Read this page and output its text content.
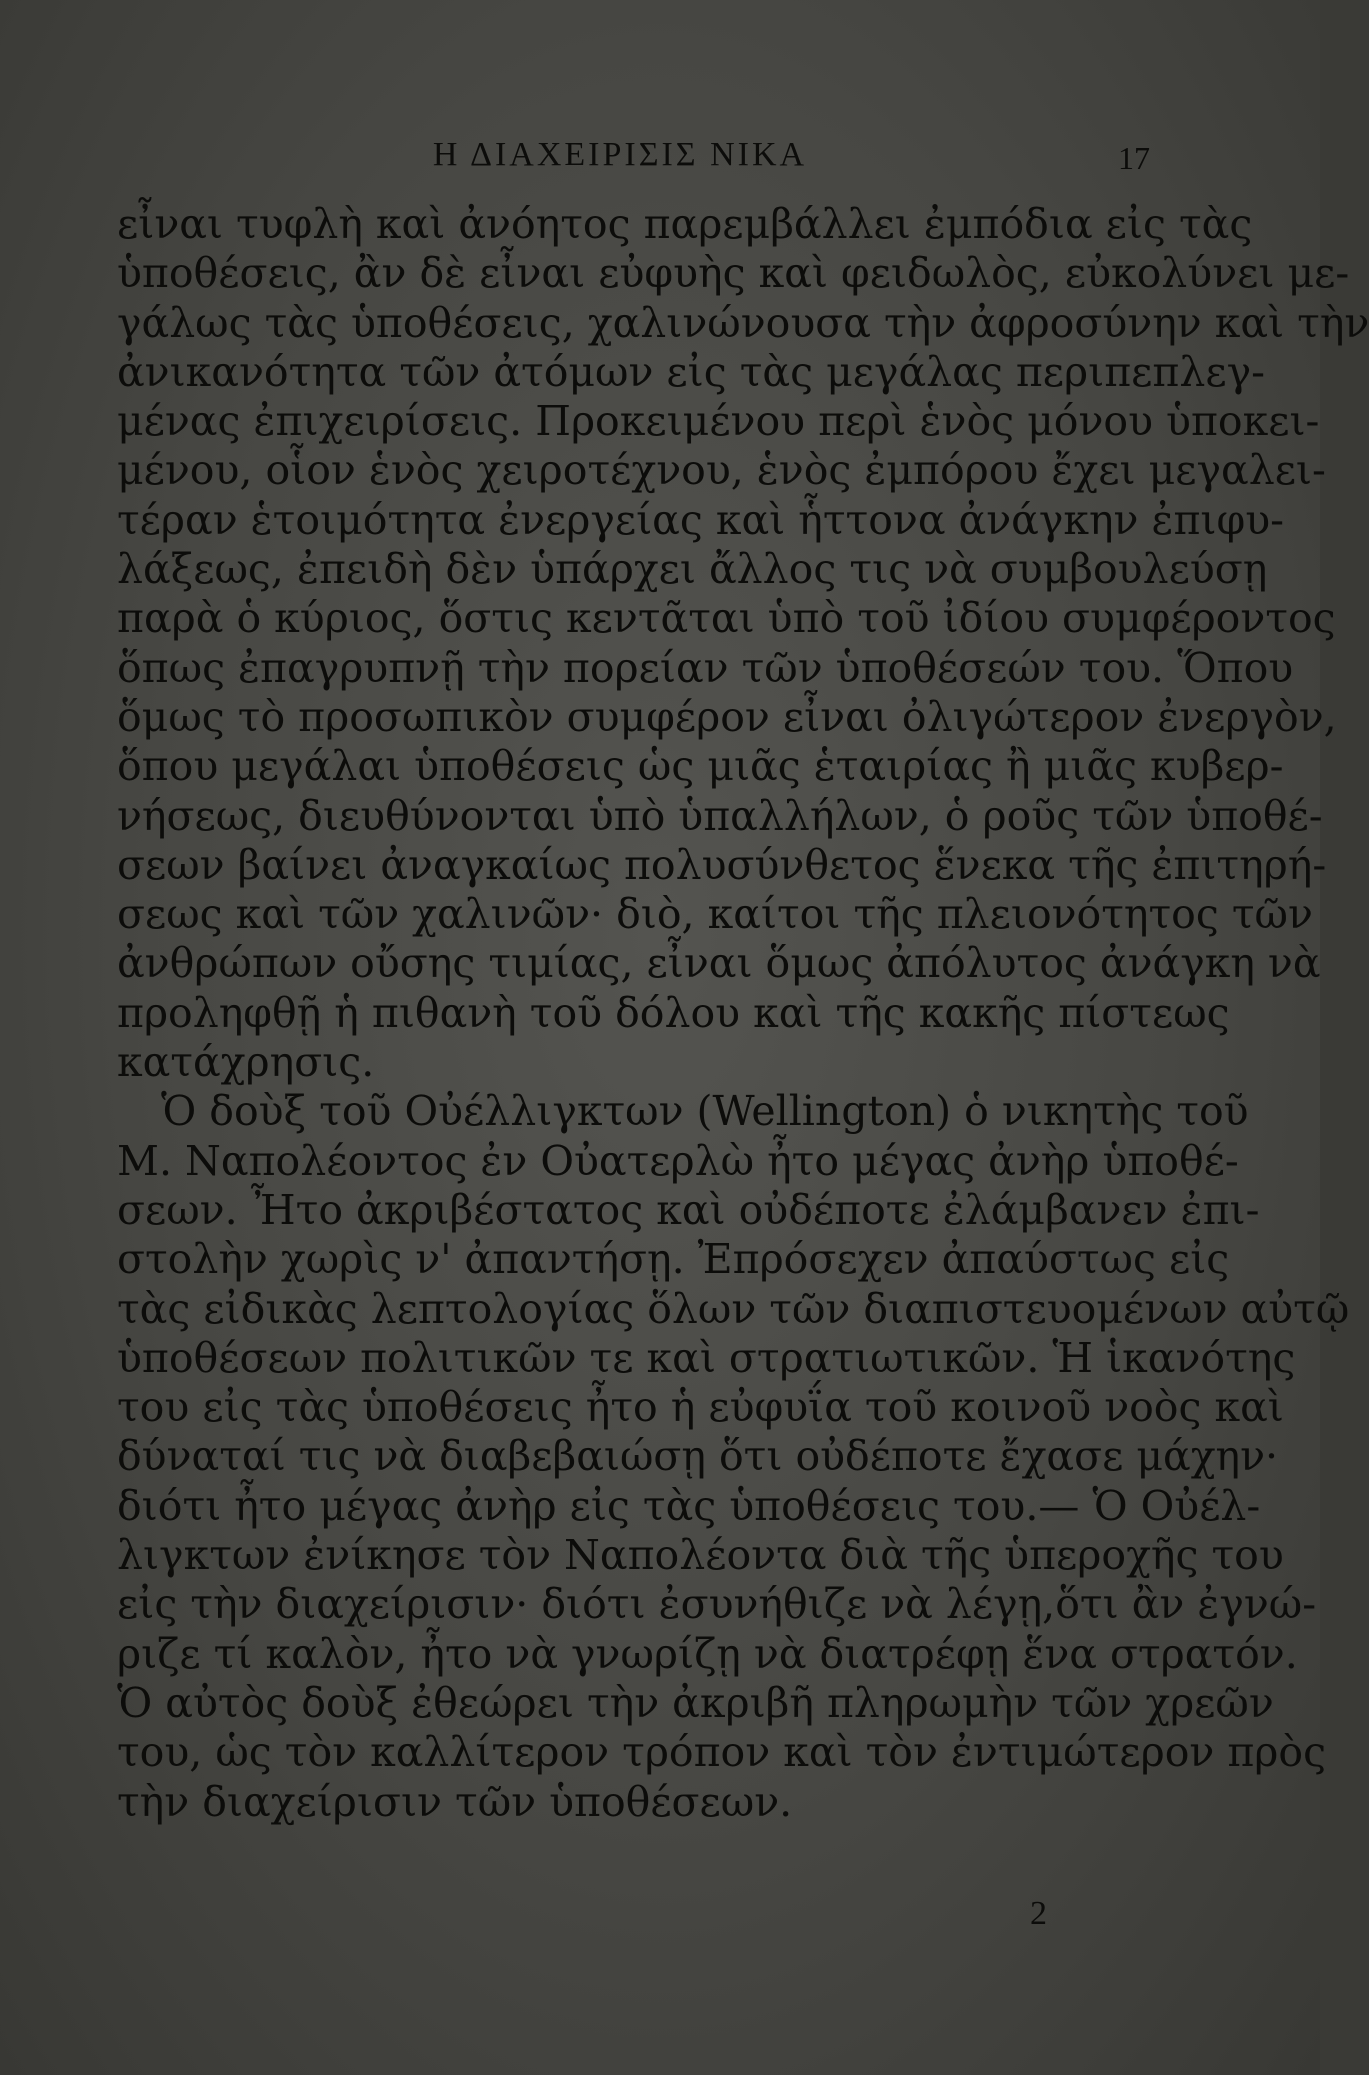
Η ΔΙΑΧΕΙΡΙΣΙΣ ΝΙΚΑ	17
εἶναι τυφλὴ καὶ ἀνόητος παρεμβάλλει ἐμπόδια εἰς τὰς
ὑποθέσεις, ἂν δὲ εἶναι εὐφυὴς καὶ φειδωλὸς, εὐκολύνει με-
γάλως τὰς ὑποθέσεις, χαλινώνουσα τὴν ἀφροσύνην καὶ τὴν
ἀνικανότητα τῶν ἀτόμων εἰς τὰς μεγάλας περιπεπλεγ-
μένας ἐπιχειρίσεις. Προκειμένου περὶ ἑνὸς μόνου ὑποκει-
μένου, οἷον ἑνὸς χειροτέχνου, ἑνὸς ἐμπόρου ἔχει μεγαλει-
τέραν ἑτοιμότητα ἐνεργείας καὶ ἧττονα ἀνάγκην ἐπιφυ-
λάξεως, ἐπειδὴ δὲν ὑπάρχει ἄλλος τις νὰ συμβουλεύσῃ
παρὰ ὁ κύριος, ὅστις κεντᾶται ὑπὸ τοῦ ἰδίου συμφέροντος
ὅπως ἐπαγρυπνῇ τὴν πορείαν τῶν ὑποθέσεών του. Ὅπου
ὅμως τὸ προσωπικὸν συμφέρον εἶναι ὀλιγώτερον ἐνεργὸν,
ὅπου μεγάλαι ὑποθέσεις ὡς μιᾶς ἑταιρίας ἢ μιᾶς κυβερ-
νήσεως, διευθύνονται ὑπὸ ὑπαλλήλων, ὁ ροῦς τῶν ὑποθέ-
σεων βαίνει ἀναγκαίως πολυσύνθετος ἕνεκα τῆς ἐπιτηρή-
σεως καὶ τῶν χαλινῶν· διὸ, καίτοι τῆς πλειονότητος τῶν
ἀνθρώπων οὔσης τιμίας, εἶναι ὅμως ἀπόλυτος ἀνάγκη νὰ
προληφθῇ ἡ πιθανὴ τοῦ δόλου καὶ τῆς κακῆς πίστεως
κατάχρησις.
Ὁ δοὺξ τοῦ Οὐέλλιγκτων (Wellington) ὁ νικητὴς τοῦ
Μ. Ναπολέοντος ἐν Οὐατερλὼ ἦτο μέγας ἀνὴρ ὑποθέ-
σεων. Ἦτο ἀκριβέστατος καὶ οὐδέποτε ἐλάμβανεν ἐπι-
στολὴν χωρὶς ν' ἀπαντήσῃ. Ἐπρόσεχεν ἀπαύστως εἰς
τὰς εἰδικὰς λεπτολογίας ὅλων τῶν διαπιστευομένων αὐτῷ
ὑποθέσεων πολιτικῶν τε καὶ στρατιωτικῶν. Ἡ ἱκανότης
του εἰς τὰς ὑποθέσεις ἦτο ἡ εὐφυΐα τοῦ κοινοῦ νοὸς καὶ
δύναταί τις νὰ διαβεβαιώσῃ ὅτι οὐδέποτε ἔχασε μάχην·
διότι ἦτο μέγας ἀνὴρ εἰς τὰς ὑποθέσεις του.— Ὁ Οὐέλ-
λιγκτων ἐνίκησε τὸν Ναπολέοντα διὰ τῆς ὑπεροχῆς του
εἰς τὴν διαχείρισιν· διότι ἐσυνήθιζε νὰ λέγῃ,ὅτι ἂν ἐγνώ-
ριζε τί καλὸν, ἦτο νὰ γνωρίζῃ νὰ διατρέφῃ ἕνα στρατόν.
Ὁ αὐτὸς δοὺξ ἐθεώρει τὴν ἀκριβῆ πληρωμὴν τῶν χρεῶν
του, ὡς τὸν καλλίτερον τρόπον καὶ τὸν ἐντιμώτερον πρὸς
τὴν διαχείρισιν τῶν ὑποθέσεων.
2
